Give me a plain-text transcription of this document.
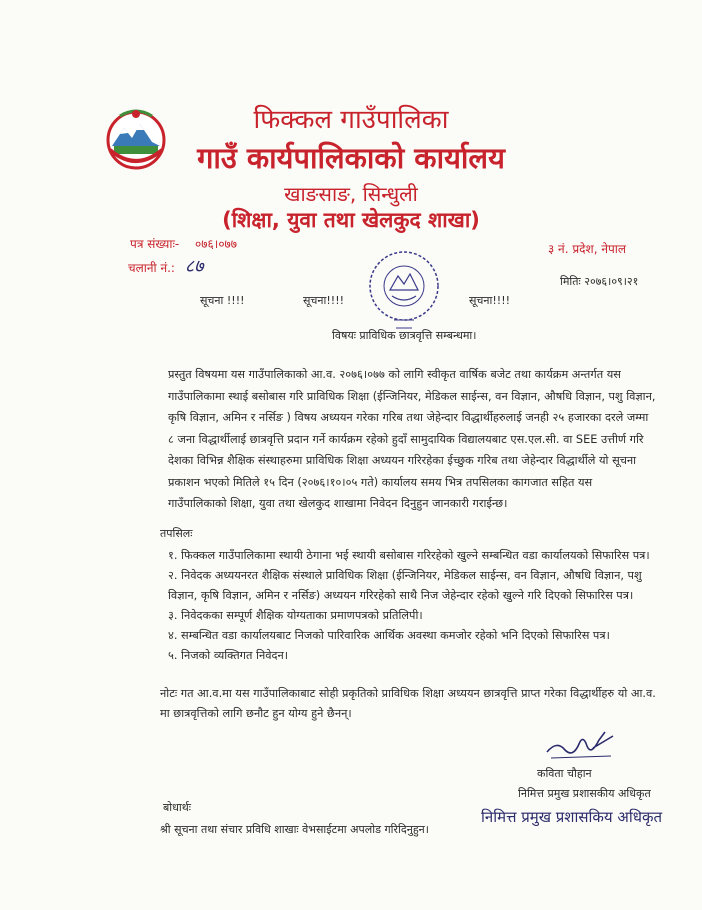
फिक्कल गाउँपालिका
गाउँ कार्यपालिकाको कार्यालय
खाङसाङ, सिन्धुली
(शिक्षा, युवा तथा खेलकुद शाखा)
पत्र संख्याः- ०७६।०७७
चलानी नं.: ८७
३ नं. प्रदेश, नेपाल
मितिः २०७६।०९।२१
सूचना !!!!	सूचना!!!!	सूचना!!!!
विषयः प्राविधिक छात्रवृत्ति सम्बन्धमा।
प्रस्तुत विषयमा यस गाउँपालिकाको आ.व. २०७६।०७७ को लागि स्वीकृत वार्षिक बजेट तथा कार्यक्रम अन्तर्गत यस
गाउँपालिकामा स्थाई बसोबास गरि प्राविधिक शिक्षा (ईन्जिनियर, मेडिकल साईन्स, वन विज्ञान, औषधि विज्ञान, पशु विज्ञान,
कृषि विज्ञान, अमिन र नर्सिङ ) विषय अध्ययन गरेका गरिब तथा जेहेन्दार विद्धार्थीहरुलाई जनही २५ हजारका दरले जम्मा
८ जना विद्धार्थीलाई छात्रवृत्ति प्रदान गर्ने कार्यक्रम रहेको हुदाँ सामुदायिक विद्यालयबाट एस.एल.सी. वा SEE उत्तीर्ण गरि
देशका विभिन्न शैक्षिक संस्थाहरुमा प्राविधिक शिक्षा अध्ययन गरिरहेका ईच्छुक गरिब तथा जेहेन्दार विद्धार्थीले यो सूचना
प्रकाशन भएको मितिले १५ दिन (२०७६।१०।०५ गते) कार्यालय समय भित्र तपसिलका कागजात सहित यस
गाउँपालिकाको शिक्षा, युवा तथा खेलकुद शाखामा निवेदन दिनुहुन जानकारी गराईन्छ।
तपसिलः
१. फिक्कल गाउँपालिकामा स्थायी ठेगाना भई स्थायी बसोबास गरिरहेको खुल्ने सम्बन्धित वडा कार्यालयको सिफारिस पत्र।
२. निवेदक अध्ययनरत शैक्षिक संस्थाले प्राविधिक शिक्षा (ईन्जिनियर, मेडिकल साईन्स, वन विज्ञान, औषधि विज्ञान, पशु
विज्ञान, कृषि विज्ञान, अमिन र नर्सिङ) अध्ययन गरिरहेको साथै निज जेहेन्दार रहेको खुल्ने गरि दिएको सिफारिस पत्र।
३. निवेदकका सम्पूर्ण शैक्षिक योग्यताका प्रमाणपत्रको प्रतिलिपी।
४. सम्बन्धित वडा कार्यालयबाट निजको पारिवारिक आर्थिक अवस्था कमजोर रहेको भनि दिएको सिफारिस पत्र।
५. निजको व्यक्तिगत निवेदन।
नोटः गत आ.व.मा यस गाउँपालिकाबाट सोही प्रकृतिको प्राविधिक शिक्षा अध्ययन छात्रवृत्ति प्राप्त गरेका विद्धार्थीहरु यो आ.व.
मा छात्रवृत्तिको लागि छनौट हुन योग्य हुने छैनन्।
कविता चौहान
निमित्त प्रमुख प्रशासकीय अधिकृत
निमित्त प्रमुख प्रशासकिय अधिकृत
बोधार्थः
श्री सूचना तथा संचार प्रविधि शाखाः वेभसाईटमा अपलोड गरिदिनुहुन।
